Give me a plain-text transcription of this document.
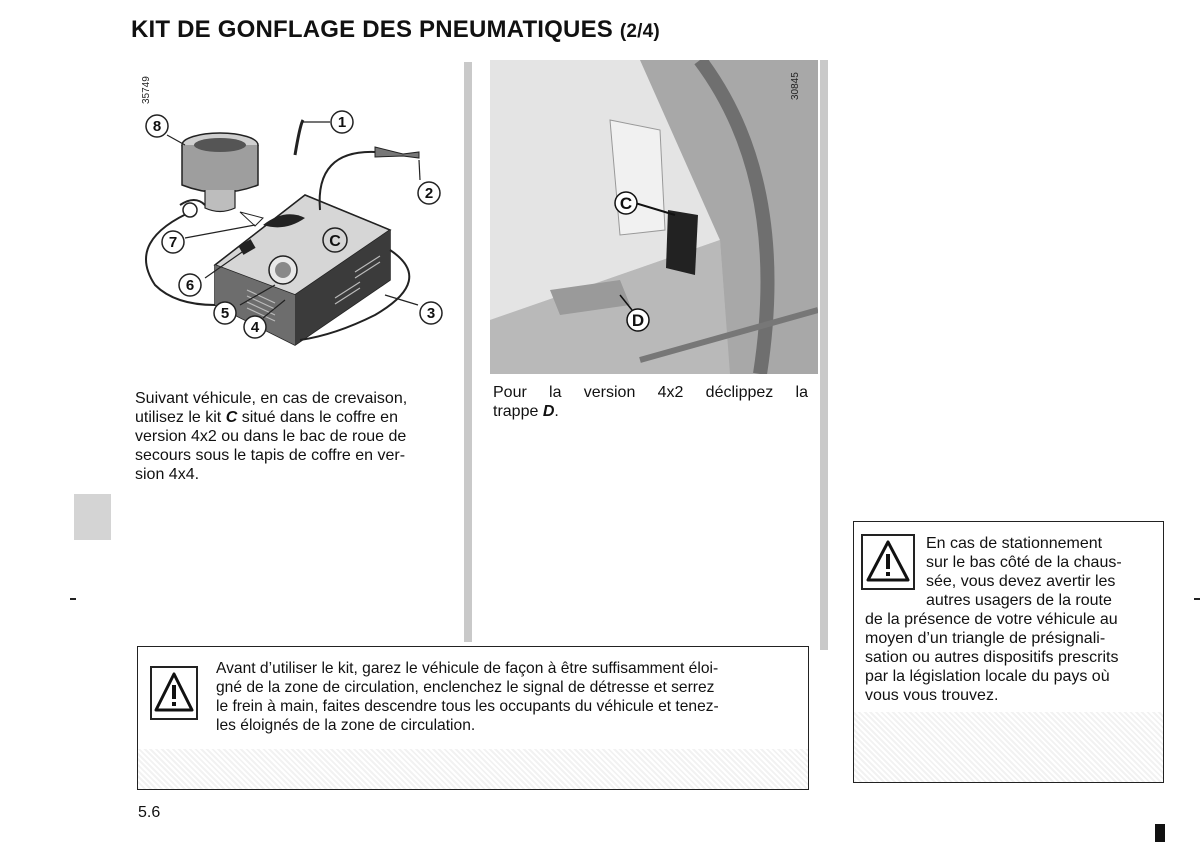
KIT DE GONFLAGE DES PNEUMATIQUES (2/4)
35749
C
1
2
3
4
5
6
7
8
C
D
30845
Suivant véhicule, en cas de crevaison,
utilisez le kit C situé dans le coffre en
version 4x2 ou dans le bac de roue de
secours sous le tapis de coffre en ver-
sion 4x4.
Pour la version 4x2 déclippez la
trappe D.
Avant d’utiliser le kit, garez le véhicule de façon à être suffisamment éloi-
gné de la zone de circulation, enclenchez le signal de détresse et serrez
le frein à main, faites descendre tous les occupants du véhicule et tenez-
les éloignés de la zone de circulation.
En cas de stationnement
sur le bas côté de la chaus-
sée, vous devez avertir les
autres usagers de la route
de la présence de votre véhicule au
moyen d’un triangle de présignali-
sation ou autres dispositifs prescrits
par la législation locale du pays où
vous vous trouvez.
5.6
